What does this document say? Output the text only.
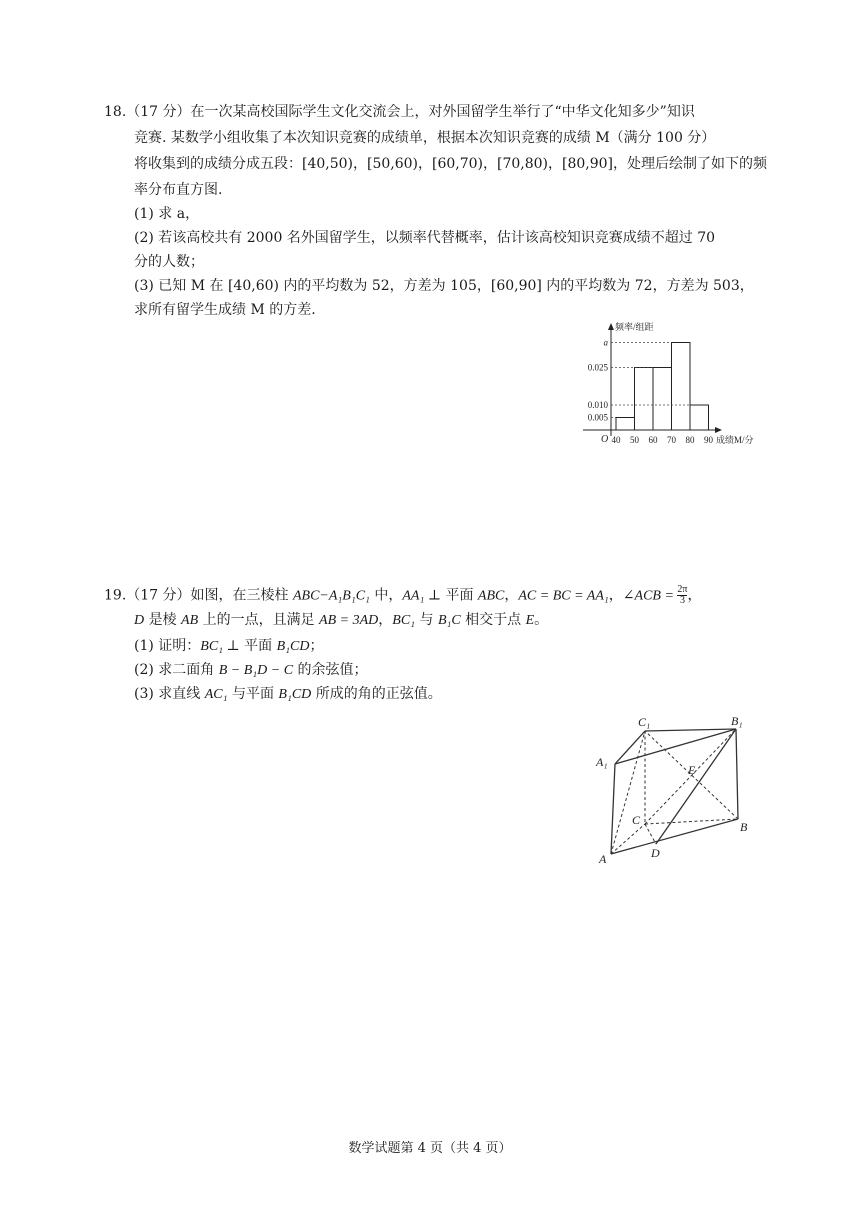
18.（17 分）在一次某高校国际学生文化交流会上，对外国留学生举行了“中华文化知多少”知识
竞赛. 某数学小组收集了本次知识竞赛的成绩单，根据本次知识竞赛的成绩 M（满分 100 分）
将收集到的成绩分成五段：[40,50)，[50,60)，[60,70)，[70,80)，[80,90]，处理后绘制了如下的频
率分布直方图.
(1) 求 a，
(2) 若该高校共有 2000 名外国留学生，以频率代替概率，估计该高校知识竞赛成绩不超过 70
分的人数；
(3) 已知 M 在 [40,60) 内的平均数为 52，方差为 105，[60,90] 内的平均数为 72，方差为 503，
求所有留学生成绩 M 的方差.
频率/组距
成绩M/分
O 40 50 60 70 80 90
a
0.025
0.010
0.005
19.（17 分）如图，在三棱柱 ABC−A₁B₁C₁ 中，AA₁ ⊥ 平面 ABC，AC = BC = AA₁，∠ACB = $\frac{2\pi}{3}$ ，
D 是棱 AB 上的一点，且满足 AB = 3AD，BC₁ 与 B₁C 相交于点 E。
(1) 证明：BC₁ ⊥ 平面 B₁CD；
(2) 求二面角 B − B₁D − C 的余弦值；
(3) 求直线 AC₁ 与平面 B₁CD 所成的角的正弦值。
C₁	B₁
A₁
E
C	B
A	D
数学试题第 4 页（共 4 页）
